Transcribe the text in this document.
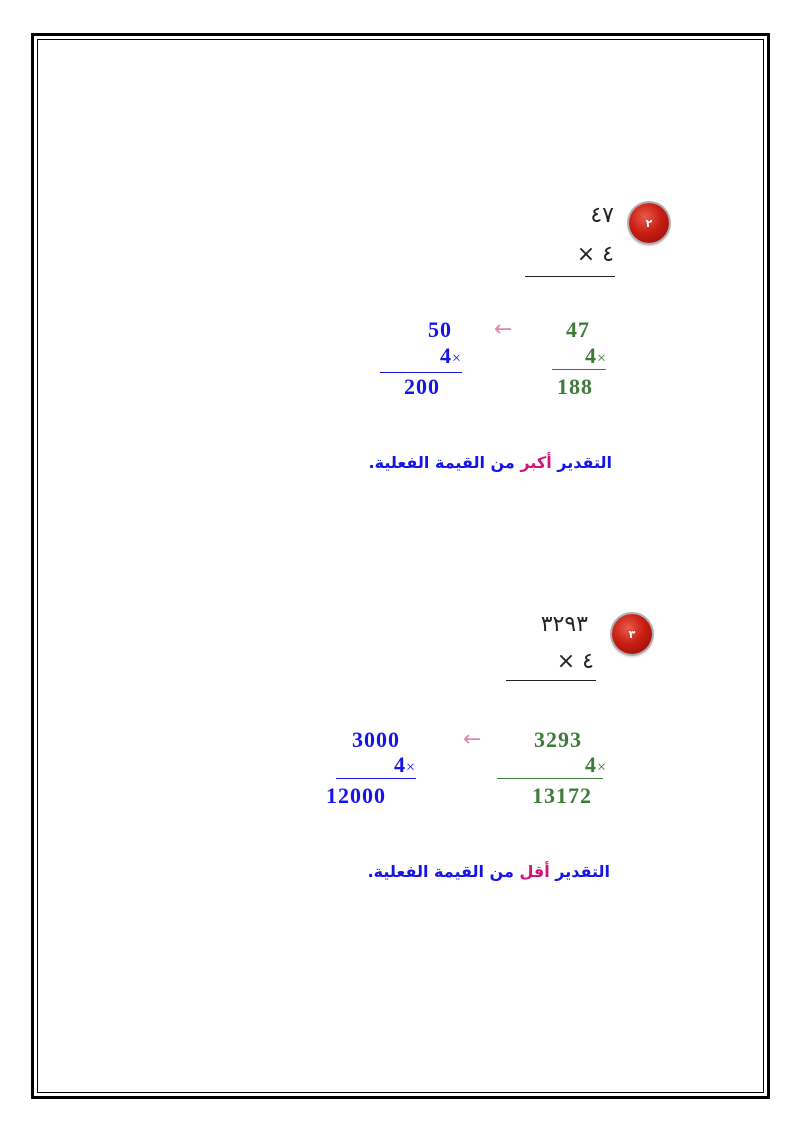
٢
٤٧
× ٤
47
4×
188
←
50
4×
200
التقدير أكبر من القيمة الفعلية.
٣
٣٢٩٣
× ٤
3293
4×
13172
←
3000
4×
12000
التقدير أقل من القيمة الفعلية.
